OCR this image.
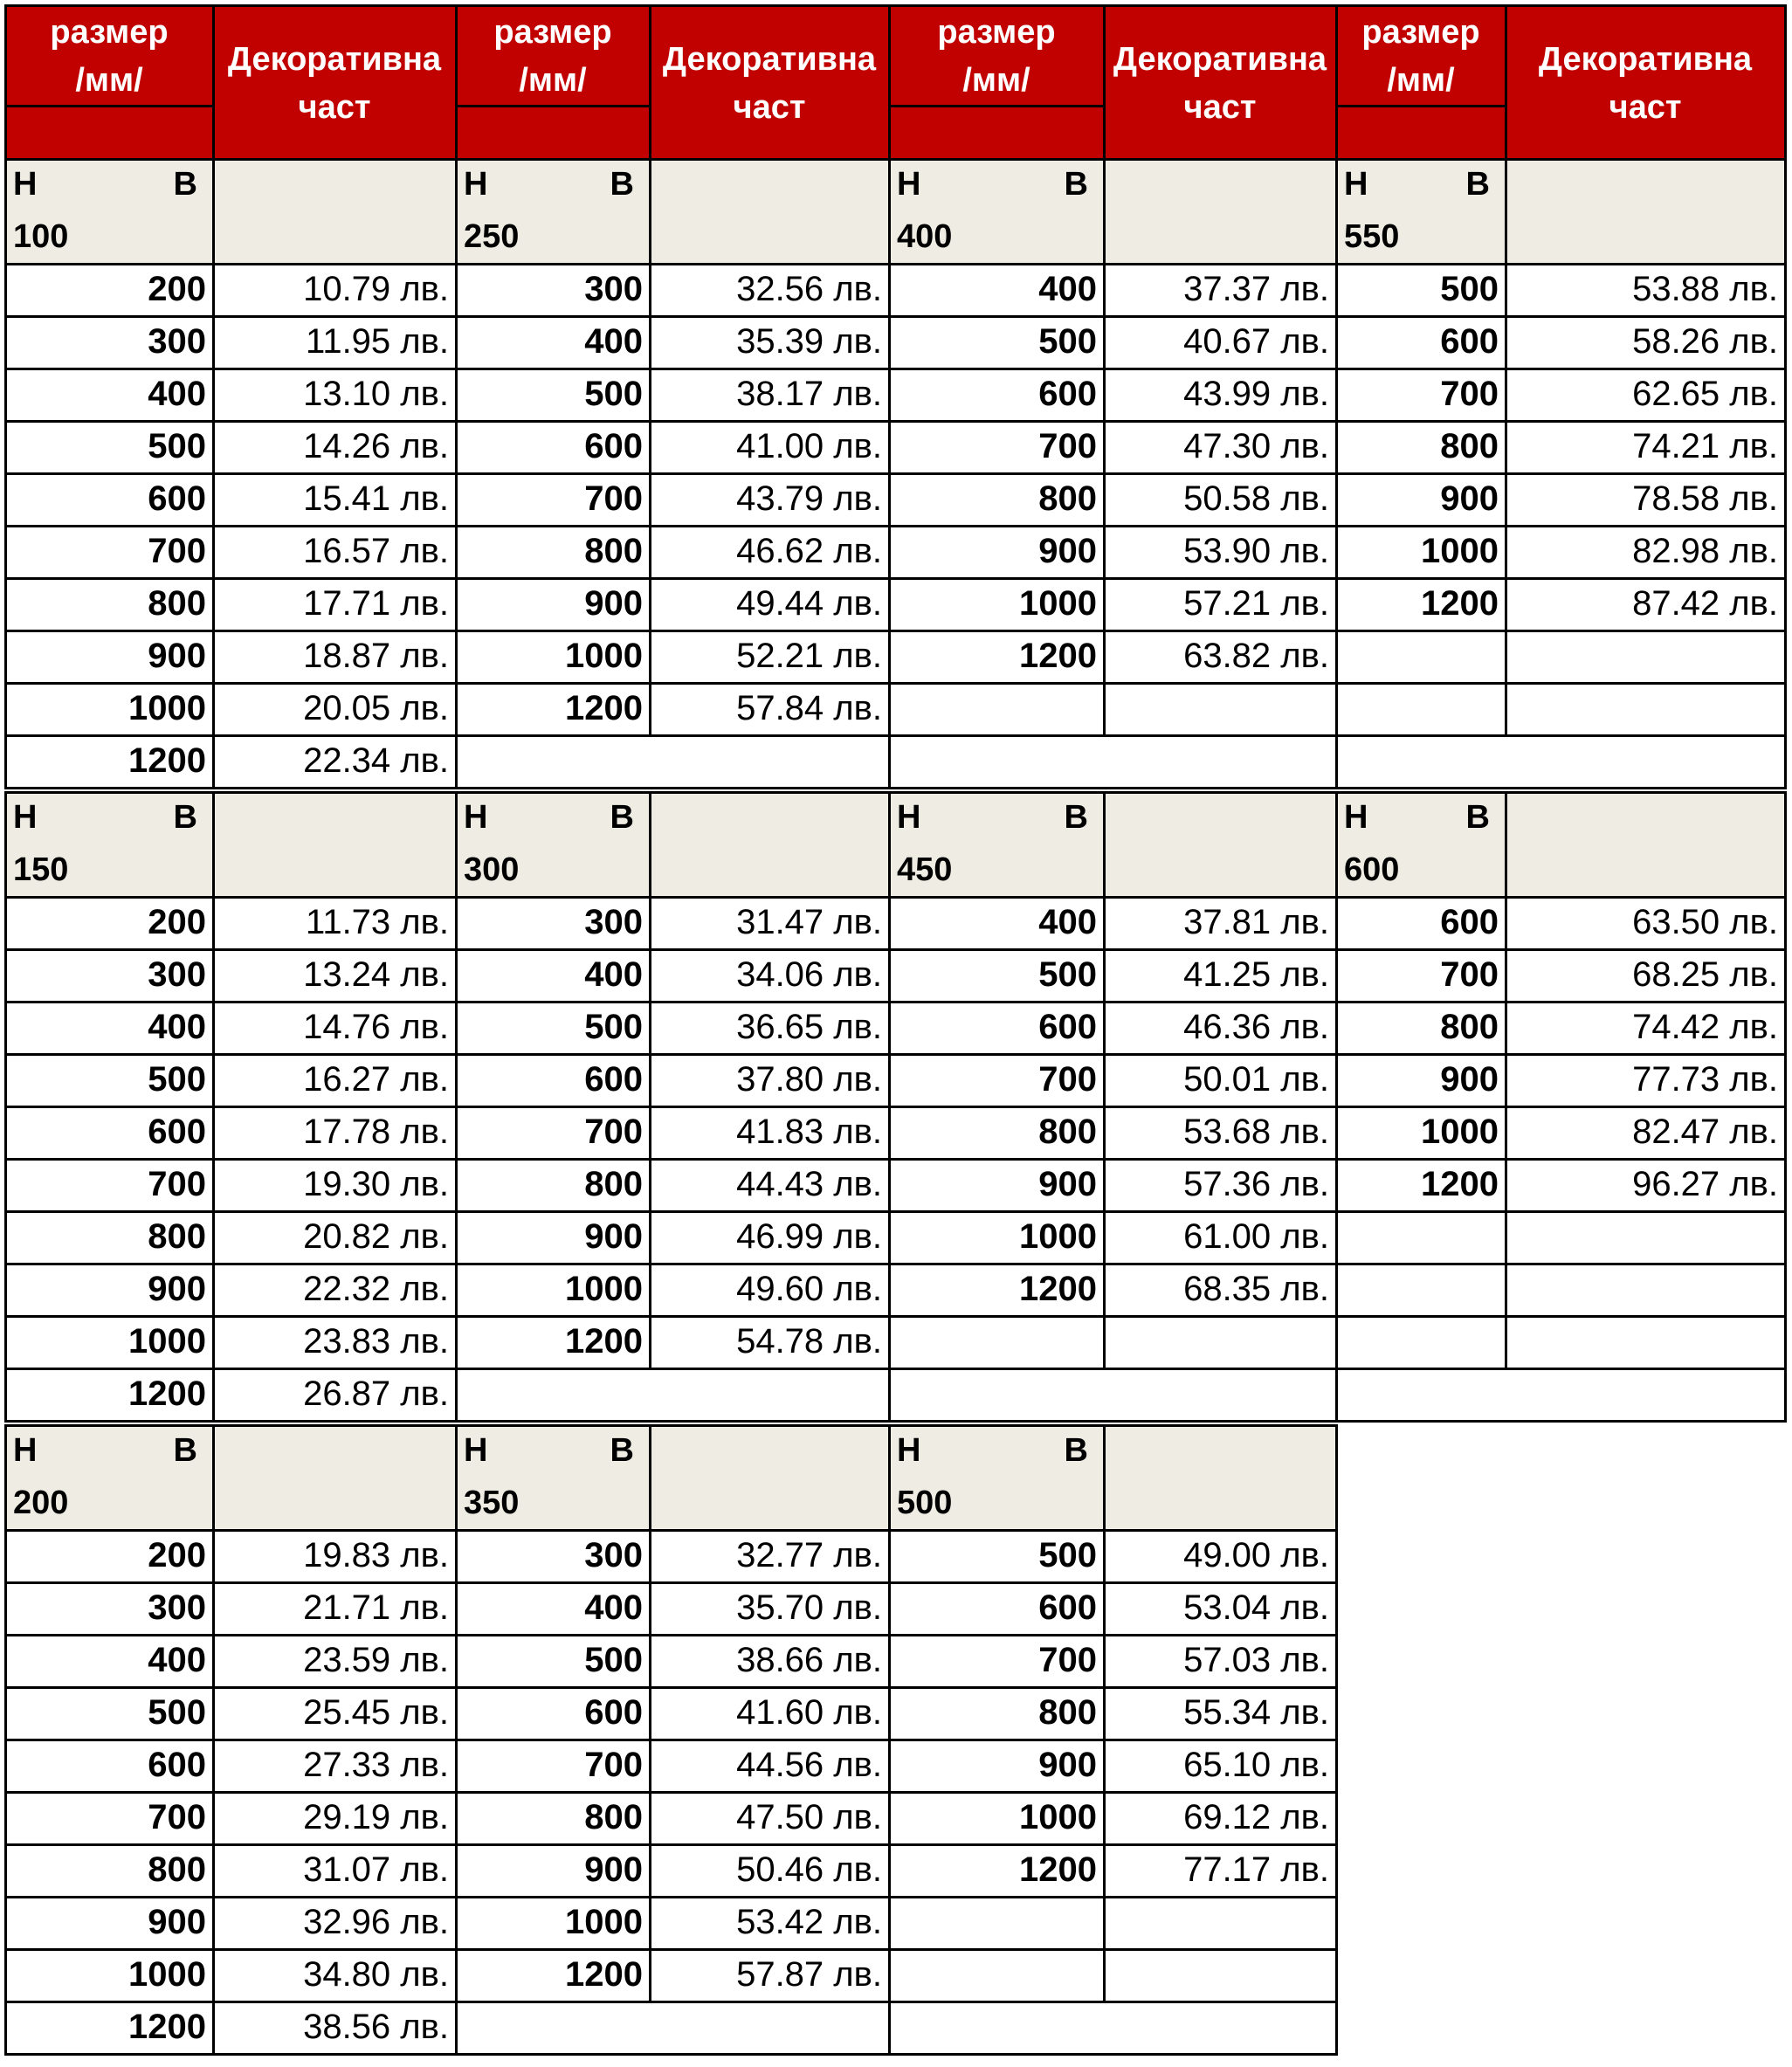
размер
/мм/
Декоративна
част
размер
/мм/
Декоративна
част
размер
/мм/
Декоративна
част
размер
/мм/
Декоративна
част
H	B
100
200	10.79 лв.
300	11.95 лв.
400	13.10 лв.
500	14.26 лв.
600	15.41 лв.
700	16.57 лв.
800	17.71 лв.
900	18.87 лв.
1000	20.05 лв.
1200	22.34 лв.
H	B
250
300	32.56 лв.
400	35.39 лв.
500	38.17 лв.
600	41.00 лв.
700	43.79 лв.
800	46.62 лв.
900	49.44 лв.
1000	52.21 лв.
1200	57.84 лв.
H	B
400
400	37.37 лв.
500	40.67 лв.
600	43.99 лв.
700	47.30 лв.
800	50.58 лв.
900	53.90 лв.
1000	57.21 лв.
1200	63.82 лв.
H	B
550
500	53.88 лв.
600	58.26 лв.
700	62.65 лв.
800	74.21 лв.
900	78.58 лв.
1000	82.98 лв.
1200	87.42 лв.
H	B
150
200	11.73 лв.
300	13.24 лв.
400	14.76 лв.
500	16.27 лв.
600	17.78 лв.
700	19.30 лв.
800	20.82 лв.
900	22.32 лв.
1000	23.83 лв.
1200	26.87 лв.
H	B
300
300	31.47 лв.
400	34.06 лв.
500	36.65 лв.
600	37.80 лв.
700	41.83 лв.
800	44.43 лв.
900	46.99 лв.
1000	49.60 лв.
1200	54.78 лв.
H	B
450
400	37.81 лв.
500	41.25 лв.
600	46.36 лв.
700	50.01 лв.
800	53.68 лв.
900	57.36 лв.
1000	61.00 лв.
1200	68.35 лв.
H	B
600
600	63.50 лв.
700	68.25 лв.
800	74.42 лв.
900	77.73 лв.
1000	82.47 лв.
1200	96.27 лв.
H	B
200
200	19.83 лв.
300	21.71 лв.
400	23.59 лв.
500	25.45 лв.
600	27.33 лв.
700	29.19 лв.
800	31.07 лв.
900	32.96 лв.
1000	34.80 лв.
1200	38.56 лв.
H	B
350
300	32.77 лв.
400	35.70 лв.
500	38.66 лв.
600	41.60 лв.
700	44.56 лв.
800	47.50 лв.
900	50.46 лв.
1000	53.42 лв.
1200	57.87 лв.
H	B
500
500	49.00 лв.
600	53.04 лв.
700	57.03 лв.
800	55.34 лв.
900	65.10 лв.
1000	69.12 лв.
1200	77.17 лв.
